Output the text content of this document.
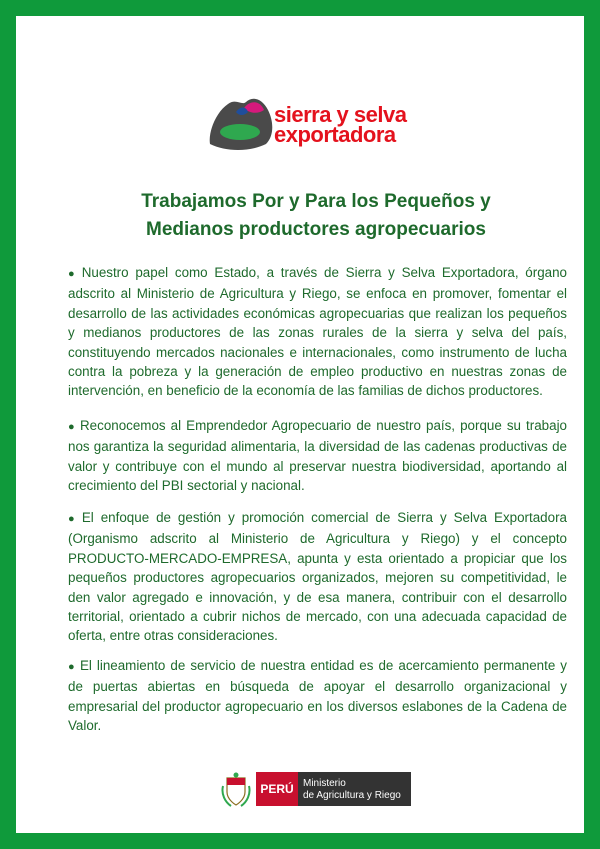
sierra y selva
exportadora
Trabajamos Por y Para los Pequeños y
Medianos productores agropecuarios
● Nuestro papel como Estado, a través de Sierra y Selva Exportadora, órgano adscrito al Ministerio de Agricultura y Riego, se enfoca en promover, fomentar el desarrollo de las actividades económicas agropecuarias que realizan los pequeños y medianos productores de las zonas rurales de la sierra y selva del país, constituyendo mercados nacionales e internacionales, como instrumento de lucha contra la pobreza y la generación de empleo productivo en nuestras zonas de intervención, en beneficio de la economía de las familias de dichos productores.
● Reconocemos al Emprendedor Agropecuario de nuestro país, porque su trabajo nos garantiza la seguridad alimentaria, la diversidad de las cadenas productivas de valor y contribuye con el mundo al preservar nuestra biodiversidad, aportando al crecimiento del PBI sectorial y nacional.
● El enfoque de gestión y promoción comercial de Sierra y Selva Exportadora (Organismo adscrito al Ministerio de Agricultura y Riego) y el concepto PRODUCTO-MERCADO-EMPRESA, apunta y esta orientado a propiciar que los pequeños productores agropecuarios organizados, mejoren su competitividad, le den valor agregado e innovación, y de esa manera, contribuir con el desarrollo territorial, orientado a cubrir nichos de mercado, con una adecuada capacidad de oferta, entre otras consideraciones.
● El lineamiento de servicio de nuestra entidad es de acercamiento permanente y de puertas abiertas en búsqueda de apoyar el desarrollo organizacional y empresarial del productor agropecuario en los diversos eslabones de la Cadena de Valor.
PERÚ Ministerio
de Agricultura y Riego
